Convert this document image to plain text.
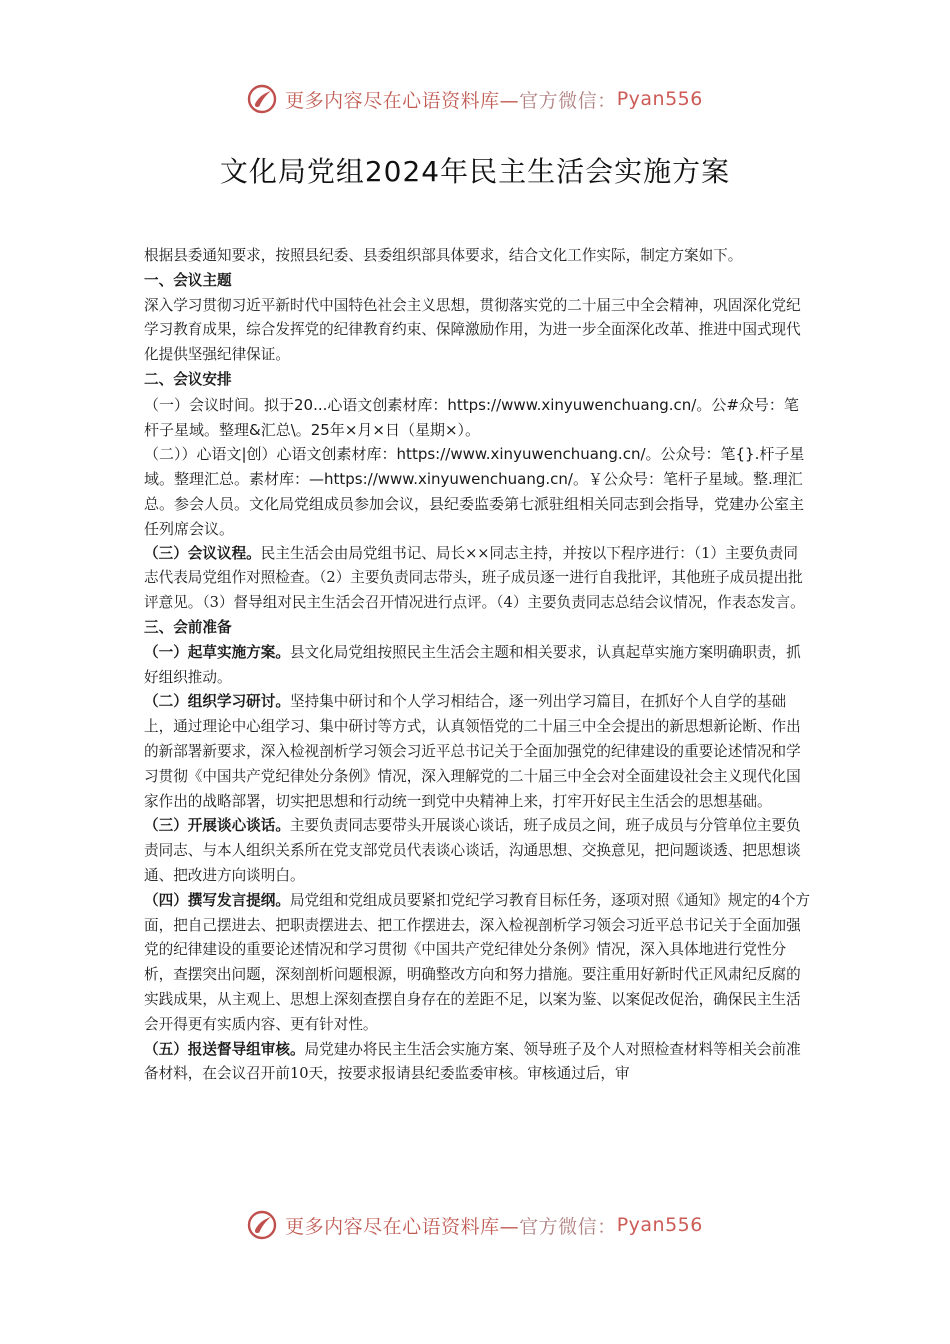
更多内容尽在心语资料库— 官方微信： Pyan556
文化局党组2024年民主生活会实施方案

根据县委通知要求，按照县纪委、县委组织部具体要求，结合文化工作实际，制定方案如下。

一、会议主题

深入学习贯彻习近平新时代中国特色社会主义思想，贯彻落实党的二十届三中全会精神，巩固深化党纪学习教育成果，综合发挥党的纪律教育约束、保障激励作用，为进一步全面深化改革、推进中国式现代化提供坚强纪律保证。

二、会议安排

（一）会议时间。拟于20...心语文创素材库：https://www.xinyuwenchuang.cn/。公#众号：笔杆子星域。整理&汇总\。25年×月×日（星期×）。

（二））心语文|创）心语文创素材库：https://www.xinyuwenchuang.cn/。公众号：笔{}.杆子星域。整理汇总。素材库：—https://www.xinyuwenchuang.cn/。￥公众号：笔杆子星域。整.理汇总。参会人员。文化局党组成员参加会议，县纪委监委第七派驻组相关同志到会指导，党建办公室主任列席会议。

（三）会议议程。民主生活会由局党组书记、局长××同志主持，并按以下程序进行：（1）主要负责同志代表局党组作对照检查。（2）主要负责同志带头，班子成员逐一进行自我批评，其他班子成员提出批评意见。（3）督导组对民主生活会召开情况进行点评。（4）主要负责同志总结会议情况，作表态发言。

三、会前准备

（一）起草实施方案。县文化局党组按照民主生活会主题和相关要求，认真起草实施方案明确职责，抓好组织推动。

（二）组织学习研讨。坚持集中研讨和个人学习相结合，逐一列出学习篇目，在抓好个人自学的基础上，通过理论中心组学习、集中研讨等方式，认真领悟党的二十届三中全会提出的新思想新论断、作出的新部署新要求，深入检视剖析学习领会习近平总书记关于全面加强党的纪律建设的重要论述情况和学习贯彻《中国共产党纪律处分条例》情况，深入理解党的二十届三中全会对全面建设社会主义现代化国家作出的战略部署，切实把思想和行动统一到党中央精神上来，打牢开好民主生活会的思想基础。

（三）开展谈心谈话。主要负责同志要带头开展谈心谈话，班子成员之间，班子成员与分管单位主要负责同志、与本人组织关系所在党支部党员代表谈心谈话，沟通思想、交换意见，把问题谈透、把思想谈通、把改进方向谈明白。

（四）撰写发言提纲。局党组和党组成员要紧扣党纪学习教育目标任务，逐项对照《通知》规定的4个方面，把自己摆进去、把职责摆进去、把工作摆进去，深入检视剖析学习领会习近平总书记关于全面加强党的纪律建设的重要论述情况和学习贯彻《中国共产党纪律处分条例》情况，深入具体地进行党性分析，查摆突出问题，深刻剖析问题根源，明确整改方向和努力措施。要注重用好新时代正风肃纪反腐的实践成果，从主观上、思想上深刻查摆自身存在的差距不足，以案为鉴、以案促改促治，确保民主生活会开得更有实质内容、更有针对性。

（五）报送督导组审核。局党建办将民主生活会实施方案、领导班子及个人对照检查材料等相关会前准备材料，在会议召开前10天，按要求报请县纪委监委审核。审核通过后，审

更多内容尽在心语资料库— 官方微信： Pyan556
